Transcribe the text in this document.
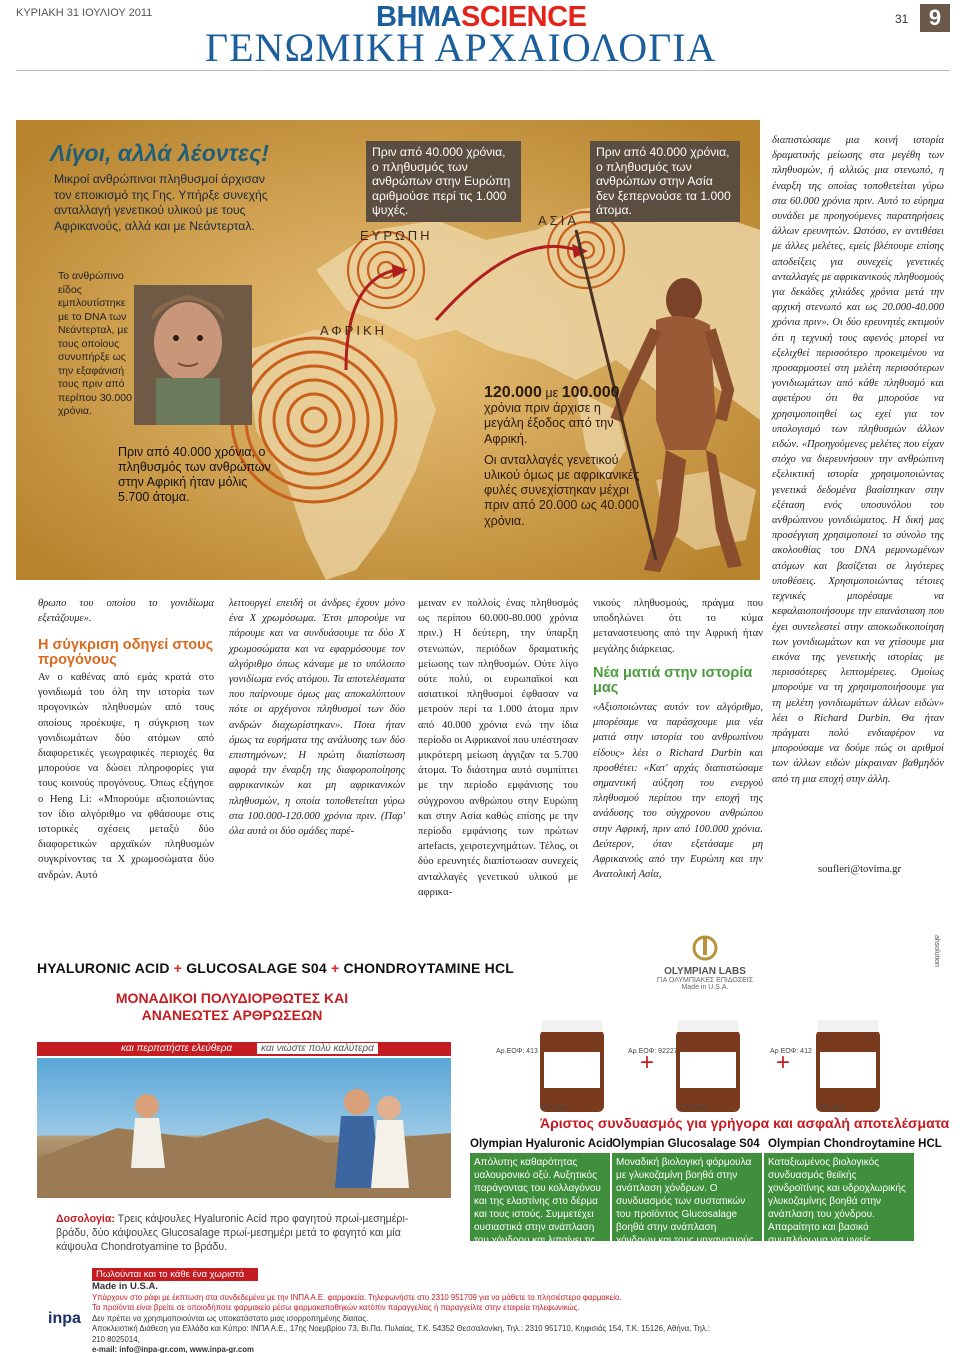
ΚΥΡΙΑΚΗ 31 ΙΟΥΛΙΟΥ 2011	ΒΗΜΑSCIENCE
ΓΕΝΩΜΙΚΗ ΑΡΧΑΙΟΛΟΓΙΑ
31 9
Λίγοι, αλλά λέοντες!
Μικροί ανθρώπινοι πληθυσμοί άρχισαν τον εποικισμό της Γης. Υπήρξε συνεχής ανταλλαγή γενετικού υλικού με τους Αφρικανούς, αλλά και με Νεάντερταλ.
Το ανθρώπινο είδος εμπλουτίστηκε με το DNA των Νεάντερταλ, με τους οποίους συνυπήρξε ως την εξαφάνισή τους πριν από περίπου 30.000 χρόνια.
Πριν από 40.000 χρόνια, ο πληθυσμός των ανθρώπων στην Αφρική ήταν μόλις 5.700 άτομα.
Πριν από 40.000 χρόνια, ο πληθυσμός των ανθρώπων στην Ευρώπη αριθμούσε περί τις 1.000 ψυχές.
Πριν από 40.000 χρόνια, ο πληθυσμός των ανθρώπων στην Ασία δεν ξεπερνούσε τα 1.000 άτομα.
ΕΥΡΩΠΗ
ΑΣΙΑ
ΑΦΡΙΚΗ
120.000 με 100.000
χρόνια πριν άρχισε η μεγάλη έξοδος από την Αφρική.
Οι ανταλλαγές γενετικού υλικού όμως με αφρικανικές φυλές συνεχίστηκαν μέχρι πριν από 20.000 ως 40.000 χρόνια.
θρωπο του οποίου το γονιδίωμα εξετάζουμε».
Η σύγκριση οδηγεί στους προγόνους
Αν ο καθένας από εμάς κρατά στο γονιδιωμά του όλη την ιστορία των προγονικών πληθυσμών από τους οποίους προέκυψε, η σύγκριση των γονιδιωμάτων δύο ατόμων από διαφορετικές γεωγραφικές περιοχές θα μπορούσε να δώσει πληροφορίες για τους κοινούς προγόνους. Όπως εξήγησε ο Heng Li: «Μπορούμε αξιοποιώντας τον ίδιο αλγόριθμο να φθάσουμε στις ιστορικές σχέσεις μεταξύ δύο διαφορετικών αρχαϊκών πληθυσμών συγκρίνοντας τα Χ χρωμοσώματα δύο ανδρών. Αυτό
λειτουργεί επειδή οι άνδρες έχουν μόνο ένα Χ χρωμόσωμα. Έτσι μπορούμε να πάρουμε και να συνδυάσουμε τα δύο Χ χρωμοσώματα και να εφαρμόσουμε τον αλγόριθμο όπως κάναμε με το υπόλοιπο γονιδίωμα ενός ατόμου. Τα αποτελέσματα που παίρνουμε όμως μας αποκαλύπτουν πότε οι αρχέγονοι πληθυσμοί των δύο ανδρών διαχωρίστηκαν». Ποια ήταν όμως τα ευρήματα της ανάλυσης των δύο επιστημόνων; Η πρώτη διαπίστωση αφορά την έναρξη της διαφοροποίησης αφρικανικών και μη αφρικανικών πληθυσμών, η οποία τοποθετείται γύρω στα 100.000-120.000 χρόνια πριν. (Παρ' όλα αυτά οι δύο ομάδες παρέ-
μειναν εν πολλοίς ένας πληθυσμός ως περίπου 60.000-80.000 χρόνια πριν.) Η δεύτερη, την ύπαρξη στενωπών, περιόδων δραματικής μείωσης των πληθυσμών. Ούτε λίγο ούτε πολύ, οι ευρωπαϊκοί και ασιατικοί πληθυσμοί έφθασαν να μετρούν περί τα 1.000 άτομα πριν από 40.000 χρόνια ενώ την ίδια περίοδο οι Αφρικανοί που υπέστησαν μικρότερη μείωση άγγιζαν τα 5.700 άτομα. Το διάστημα αυτό συμπίπτει με την περίοδο εμφάνισης του σύγχρονου ανθρώπου στην Ευρώπη και στην Ασία καθώς επίσης με την περίοδο εμφάνισης των πρώτων artefacts, χειροτεχνημάτων. Τέλος, οι δύο ερευνητές διαπίστωσαν συνεχείς ανταλλαγές γενετικού υλικού με αφρικα-
νικούς πληθυσμούς, πράγμα που υποδηλώνει ότι το κύμα μεταναστευσης από την Αφρική ήταν μεγάλης διάρκειας.
Νέα ματιά στην ιστορία μας
«Αξιοποιώντας αυτόν τον αλγόριθμο, μπορέσαμε να παράσχουμε μια νέα ματιά στην ιστορία του ανθρωπίνου είδους» λέει ο Richard Durbin και προσθέτει: «Κατ' αρχάς διαπιστώσαμε σημαντική αύξηση του ενεργού πληθυσμού περίπου την εποχή της ανάδυσης του σύγχρονου ανθρώπου στην Αφρική, πριν από 100.000 χρόνια. Δεύτερον, όταν εξετάσαμε μη Αφρικανούς από την Ευρώπη και την Ανατολική Ασία,
διαπιστώσαμε μια κοινή ιστορία δραματικής μείωσης στα μεγέθη των πληθυσμών, ή αλλιώς μια στενωπό, η έναρξη της οποίας τοποθετείται γύρω στα 60.000 χρόνια πριν. Αυτό το εύρημα συνάδει με προηγούμενες παρατηρήσεις άλλων ερευνητών. Ωστόσο, εν αντιθέσει με άλλες μελέτες, εμείς βλέπουμε επίσης αποδείξεις για συνεχείς γενετικές ανταλλαγές με αφρικανικούς πληθυσμούς για δεκάδες χιλιάδες χρόνια μετά την αρχική στενωπό και ως 20.000-40.000 χρόνια πριν». Οι δύο ερευνητές εκτιμούν ότι η τεχνική τους αφενός μπορεί να εξελιχθεί περισσότερο προκειμένου να προσαρμοστεί στη μελέτη περισσότερων γονιδιωμάτων από κάθε πληθυσμό και αφετέρου ότι θα μπορούσε να χρησιμοποιηθεί ως εχεί για τον υπολογισμό των πληθυσμών άλλων ειδών. «Προηγούμενες μελέτες που είχαν στόχο να διερευνήσουν την ανθρώπινη εξελικτική ιστορία χρησιμοποιώντας γενετικά δεδομένα βασίστηκαν στην εξέταση ενός υποσυνόλου του ανθρώπινου γονιδιώματος. Η δική μας προσέγγιση χρησιμοποιεί το σύνολο της ακολουθίας του DNA μεμονωμένων ατόμων και βασίζεται σε λιγότερες υποθέσεις. Χρησιμοποιώντας τέτοιες τεχνικές μπορέσαμε να κεφαλαιοποιήσουμε την επανάσταση που έχει συντελεστεί στην αποκωδικοποίηση των γονιδιωμάτων και να χτίσουμε μια εικόνα της γενετικής ιστορίας με περισσότερες λεπτομέρειες. Ομοίως μπορούμε να τη χρησιμοποιήσουμε για τη μελέτη γονιδιωμάτων άλλων ειδών» λέει ο Richard Durbin. Θα ήταν πράγματι πολύ ενδιαφέρον να μπορούσαμε να δούμε πώς οι αριθμοί των άλλων ειδών μίκραιναν βαθμηδόν από τη μια εποχή στην άλλη.
soufleri@tovima.gr
HYALURONIC ACID + GLUCOSALAGE S04 + CHONDROYTAMINE HCL
ΜΟΝΑΔΙΚΟΙ ΠΟΛΥΔΙΟΡΘΩΤΕΣ ΚΑΙ ΑΝΑΝΕΩΤΕΣ ΑΡΘΡΩΣΕΩΝ
και περπατήστε ελεύθερα	και νιώστε πολύ καλύτερα
Δοσολογία: Τρεις κάψουλες Hyaluronic Acid προ φαγητού πρωί-μεσημέρι-βράδυ, δύο κάψουλες Glucosalage πρωί-μεσημέρι μετά το φαγητό και μία κάψουλα Chondrotyamine το βράδυ.
OLYMPIAN LABS
ΓΙΑ ΟΛΥΜΠΙΑΚΕΣ ΕΠΙΔΟΣΕΙΣ
Made in U.S.A.
+	+
Αρ.ΕΟΦ: 413	Αρ.ΕΟΦ: 92227	Αρ.ΕΟΦ: 412
100 caps	100 caps	90 caps
Άριστος συνδυασμός για γρήγορα και ασφαλή αποτελέσματα
Olympian Hyaluronic Acid Olympian Glucosalage S04 Olympian Chondroytamine HCL
Απόλυτης καθαρότητας υαλουρονικό οξύ. Αυξητικός παράγοντας του κολλαγόνου και της ελαστίνης στο δέρμα και τους ιστούς. Συμμετέχει ουσιαστικά στην ανάπλαση του χόνδρου και λιπαίνει τις αρθρώσεις.
Μοναδική βιολογική φόρμουλα με γλυκοζαμίνη βοηθά στην ανάπλαση χόνδρων. Ο συνδυασμός των συστατικών του προϊόντος Glucosalage βοηθά στην ανάπλαση χόνδρων και τους μηχανισμούς του οργανισμού στη μείωση του πόνου, του φλεγμονής και των αρθρώσεων.
Καταξιωμένος βιολογικός συνδυασμός θειϊκής χονδροϊτίνης και υδροχλωρικής γλυκοζαμίνης βοηθά στην ανάπλαση του χόνδρου. Απαραίτητο και βασικό συμπλήρωμα για υγιείς αρθρώσεις και οστά.
Πωλούνται και το κάθε ένα χωριστά
Made in U.S.A.
Υπάρχουν στο ράφι με έκπτωση στα συνδεδεμένα με την ΙΝΠΑ Α.Ε. φαρμακεία. Τηλεφωνήστε στο 2310 951709 για να μάθετε το πλησιέστερο φαρμακείο.
Τα προϊόντα είναι βρείτε σε οποιοδήποτε φαρμακείο μέσω φαρμακαποθηκών κατόπιν παραγγελίας ή παραγγείλτε στην εταιρεία τηλεφωνικώς.
Δεν πρέπει να χρησιμοποιούνται ως υποκατάστατο μιας ισορροπημένης δίαιτας.
Αποκλειστική Διάθεση για Ελλάδα και Κύπρο: ΙΝΠΑ Α.Ε., 17ης Νοεμβρίου 73, Βι.Πα. Πυλαίας, Τ.Κ. 54352 Θεσσαλονίκη, Τηλ.: 2310 951710, Κηφισιάς 154, Τ.Κ. 15126, Αθήνα, Τηλ.: 210 8025014,
e-mail: info@inpa-gr.com, www.inpa-gr.com
inpa
ahsolution
